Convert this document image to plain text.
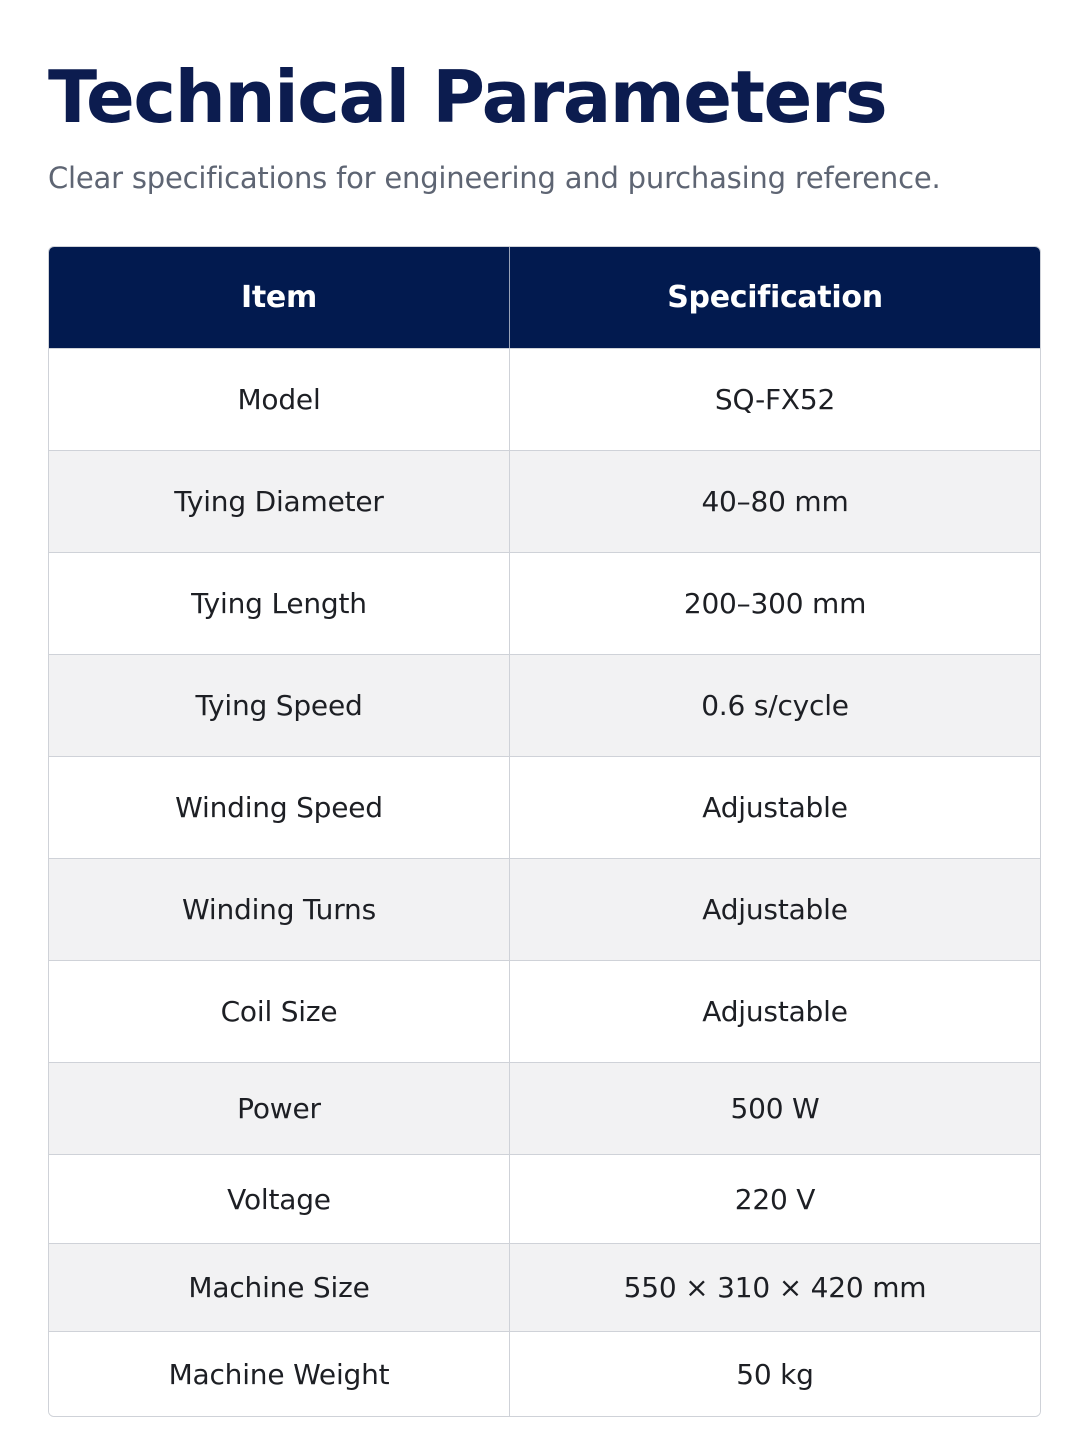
Technical Parameters

Clear specifications for engineering and purchasing reference.

Item	Specification
Model	SQ-FX52
Tying Diameter	40–80 mm
Tying Length	200–300 mm
Tying Speed	0.6 s/cycle
Winding Speed	Adjustable
Winding Turns	Adjustable
Coil Size	Adjustable
Power	500 W
Voltage	220 V
Machine Size	550 × 310 × 420 mm
Machine Weight	50 kg
